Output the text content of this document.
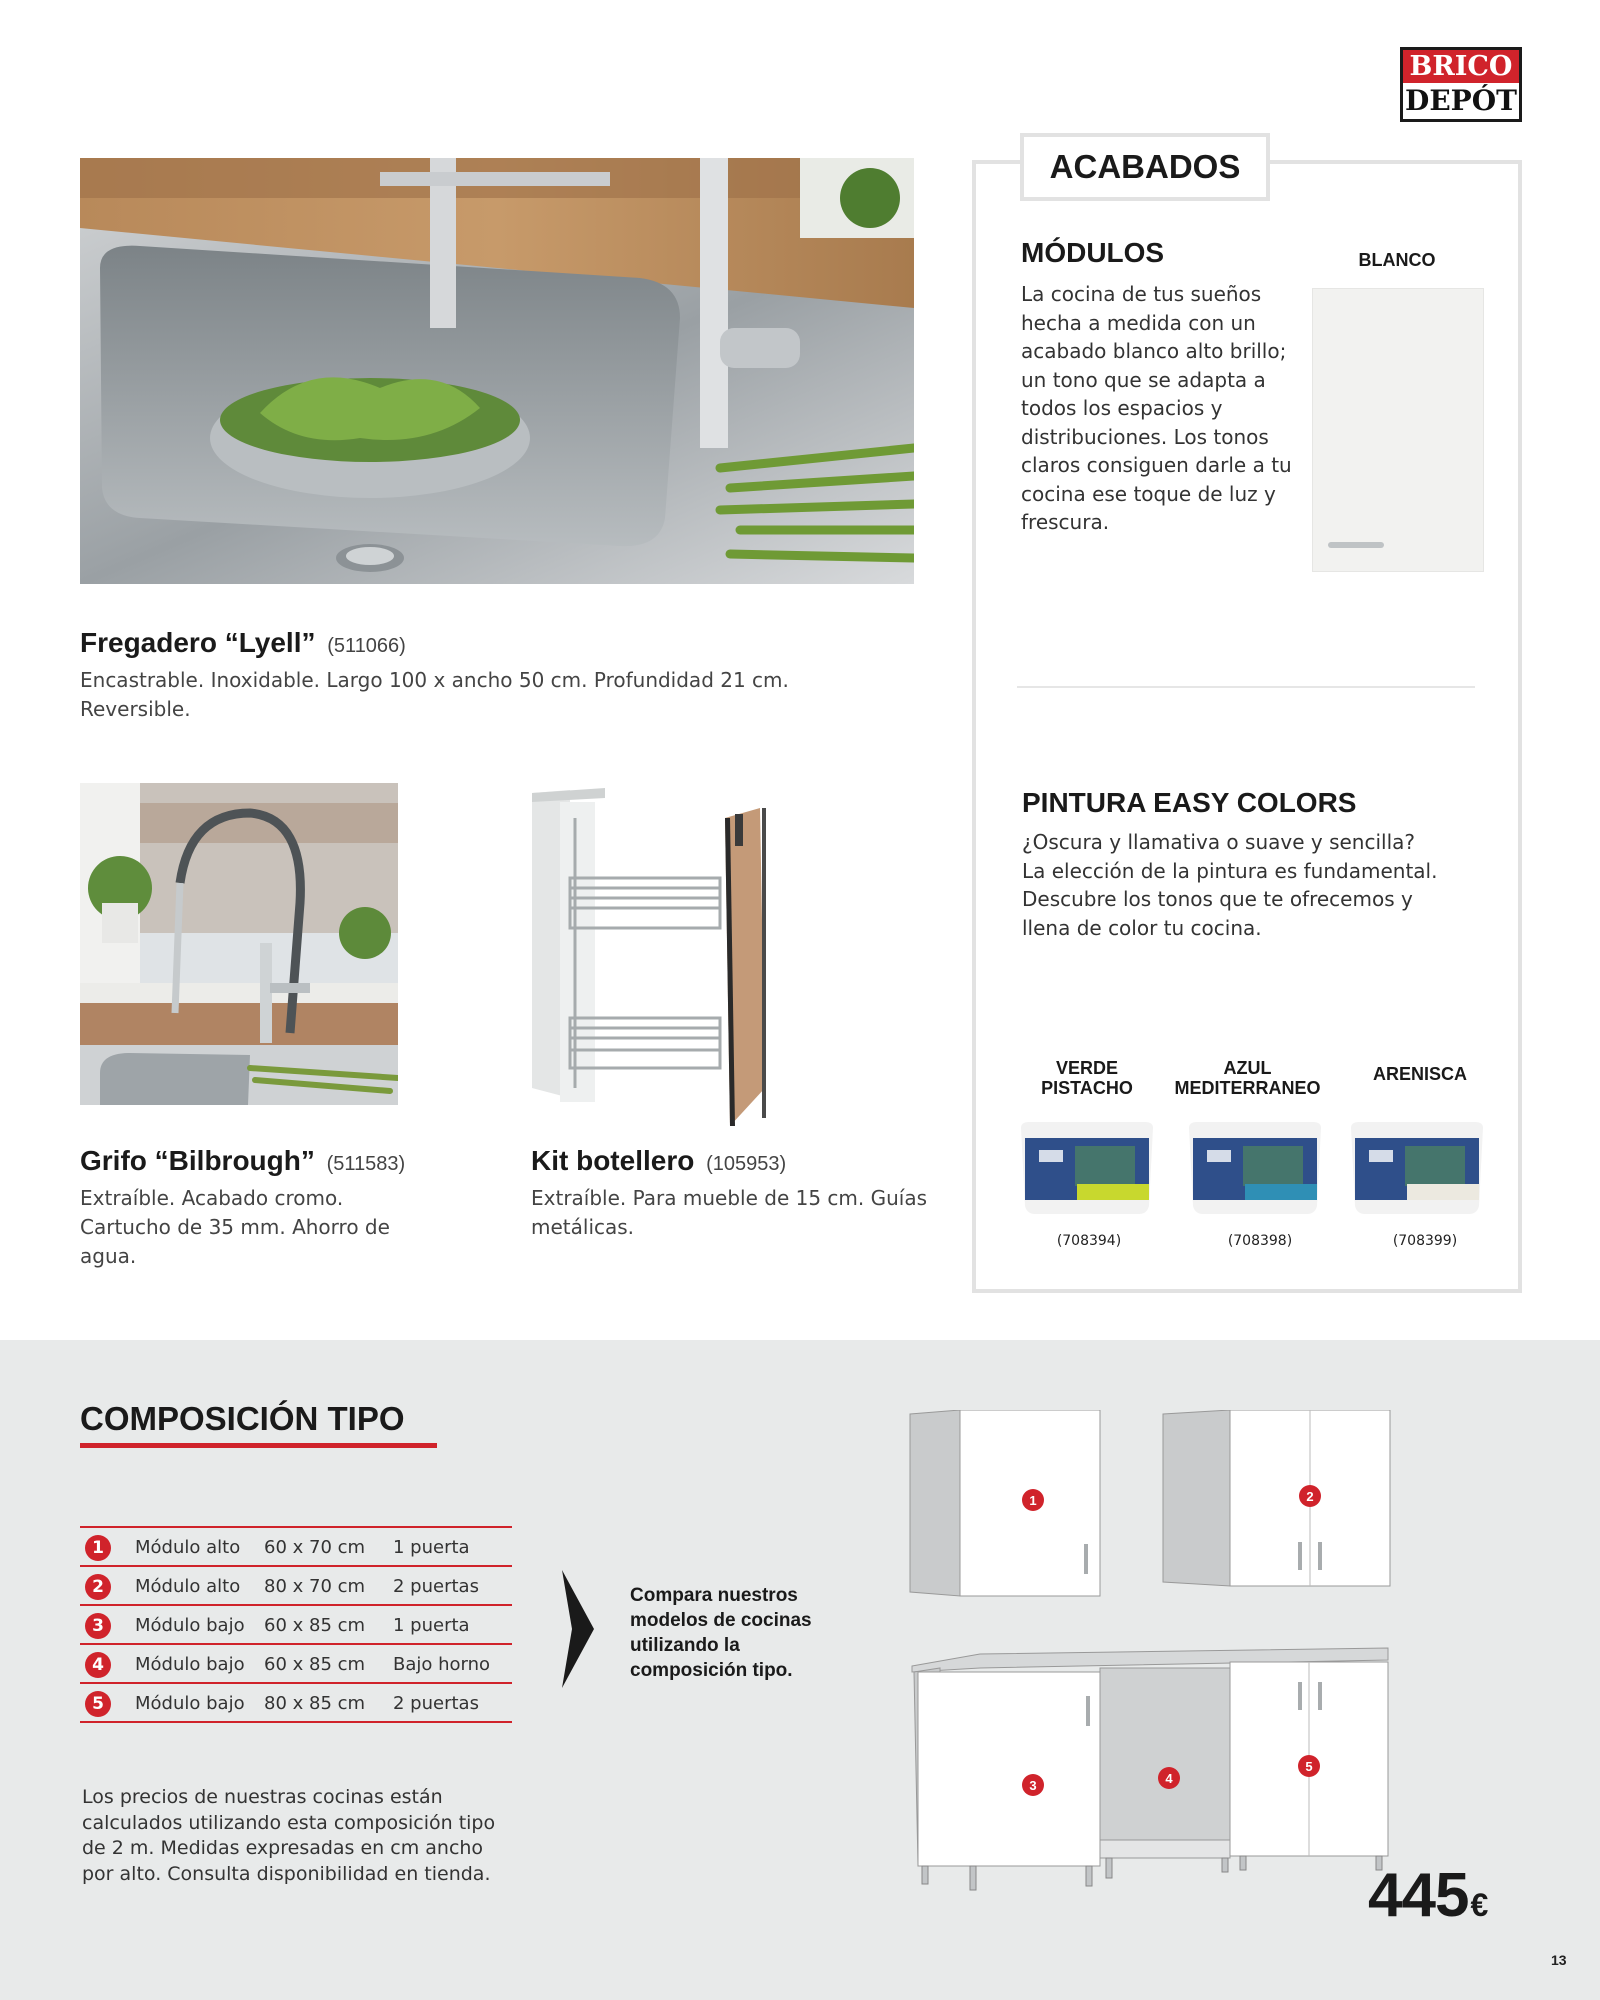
BRICO
DEPÓT
Fregadero “Lyell” (511066)
Encastrable. Inoxidable. Largo 100 x ancho 50 cm. Profundidad 21 cm. Reversible.
Grifo “Bilbrough” (511583)
Extraíble. Acabado cromo. Cartucho de 35 mm. Ahorro de agua.
Kit botellero (105953)
Extraíble. Para mueble de 15 cm. Guías metálicas.
ACABADOS
MÓDULOS
La cocina de tus sueños hecha a medida con un acabado blanco alto brillo; un tono que se adapta a todos los espacios y distribuciones. Los tonos claros consiguen darle a tu cocina ese toque de luz y frescura.
BLANCO
PINTURA EASY COLORS
¿Oscura y llamativa o suave y sencilla? La elección de la pintura es fundamental. Descubre los tonos que te ofrecemos y llena de color tu cocina.
VERDE
PISTACHO
AZUL
MEDITERRANEO
ARENISCA
(708394)	(708398)	(708399)
COMPOSICIÓN TIPO
1	Módulo alto 60 x 70 cm 1 puerta
2	Módulo alto 80 x 70 cm 2 puertas
3	Módulo bajo 60 x 85 cm 1 puerta
4	Módulo bajo 60 x 85 cm Bajo horno
5	Módulo bajo 80 x 85 cm 2 puertas
Compara nuestros
modelos de cocinas
utilizando la
composición tipo.
Los precios de nuestras cocinas están calculados utilizando esta composición tipo de 2 m. Medidas expresadas en cm ancho por alto. Consulta disponibilidad en tienda.
1	2
3	4
5
445€
13
